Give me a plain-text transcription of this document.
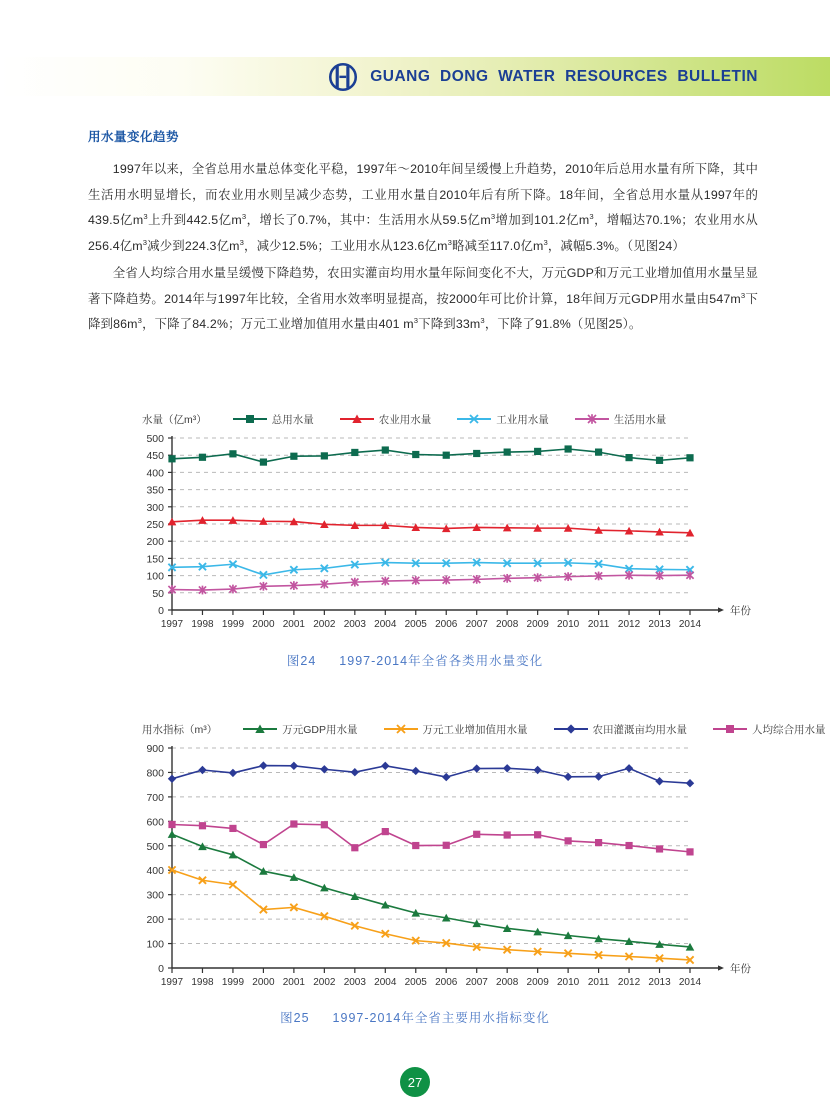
GUANG  DONG  WATER  RESOURCES  BULLETIN
用水量变化趋势

1997年以来，全省总用水量总体变化平稳，1997年～2010年间呈缓慢上升趋势，2010年后总用水量有所下降，其中生活用水明显增长，而农业用水则呈减少态势，工业用水量自2010年后有所下降。18年间，全省总用水量从1997年的439.5亿$m^3$上升到442.5亿$m^3$，增长了0.7%，其中：生活用水从59.5亿$m^3$增加到101.2亿$m^3$，增幅达70.1%；农业用水从256.4亿$m^3$减少到224.3亿$m^3$，减少12.5%；工业用水从123.6亿$m^3$略减至117.0亿$m^3$，减幅5.3%。（见图24）

全省人均综合用水量呈缓慢下降趋势，农田实灌亩均用水量年际间变化不大，万元GDP和万元工业增加值用水量呈显著下降趋势。2014年与1997年比较，全省用水效率明显提高，按2000年可比价计算，18年间万元GDP用水量由$547m^3$下降到$86m^3$，下降了84.2%；万元工业增加值用水量由401 $m^3$下降到$33m^3$，下降了91.8%（见图25）。

水量（亿m³）	总用水量	农业用水量	工业用水量	生活用水量
0
50
100
150
200
250
300
350
400
450
500
1997 1998 1999 2000 2001 2002 2003 2004 2005 2006 2007 2008 2009 2010 2011 2012 2013 2014
年份
图24 1997-2014年全省各类用水量变化
用水指标（m³）	万元GDP用水量	万元工业增加值用水量	农田灌溉亩均用水量	人均综合用水量
0
100
200
300
400
500
600
700
800
900
1997 1998 1999 2000 2001 2002 2003 2004 2005 2006 2007 2008 2009 2010 2011 2012 2013 2014
年份
图25 1997-2014年全省主要用水指标变化
27
